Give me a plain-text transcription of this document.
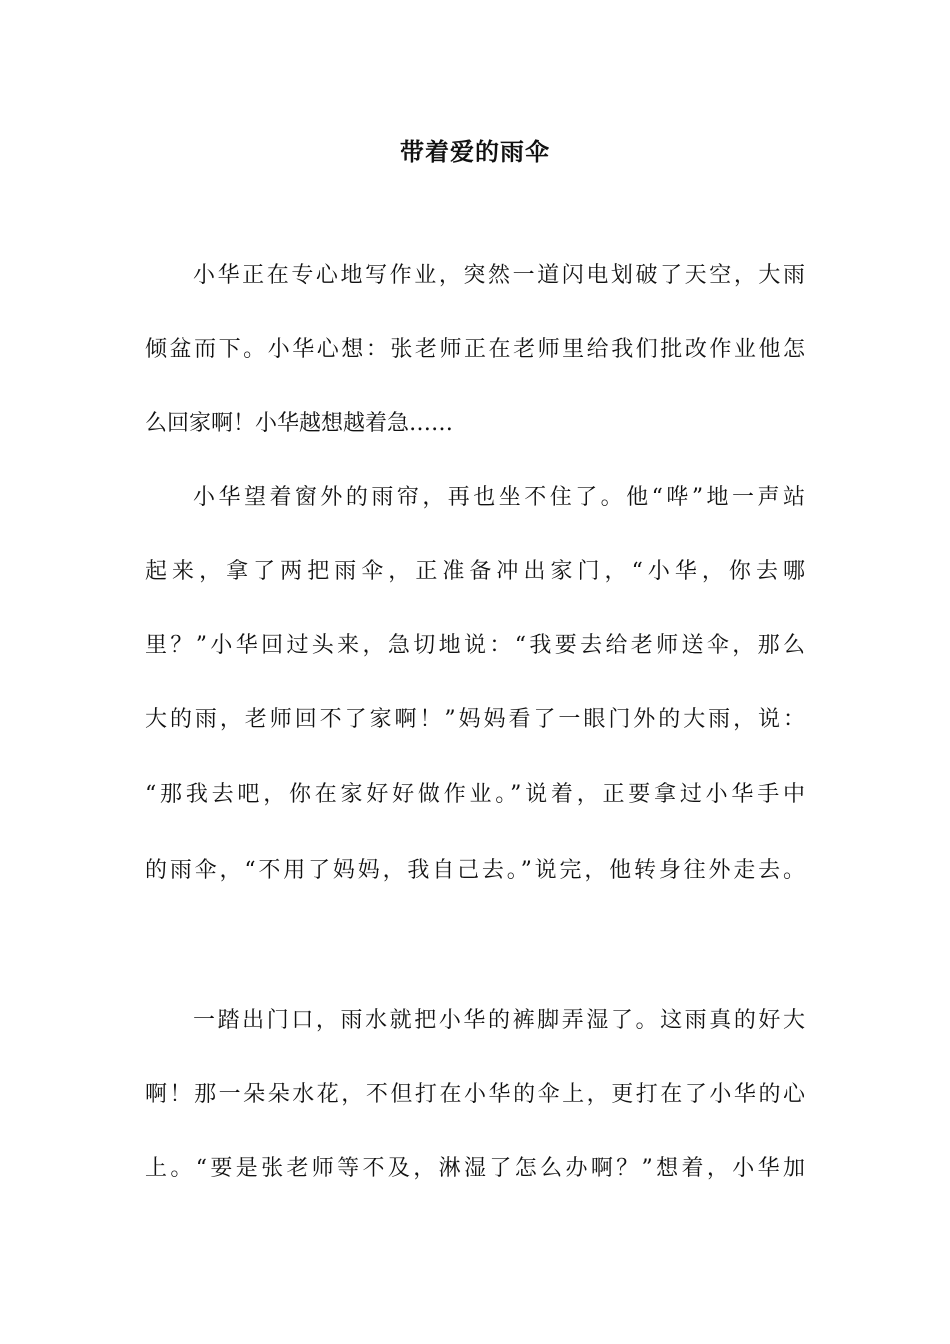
带着爱的雨伞

小华正在专心地写作业，突然一道闪电划破了天空，大雨

倾盆而下。小华心想：张老师正在老师里给我们批改作业他怎

么回家啊！小华越想越着急……

小华望着窗外的雨帘，再也坐不住了。他“哗”地一声站

起来，拿了两把雨伞，正准备冲出家门，“小华，你去哪

里？”小华回过头来，急切地说：“我要去给老师送伞，那么

大的雨，老师回不了家啊！”妈妈看了一眼门外的大雨，说：

“那我去吧，你在家好好做作业。”说着，正要拿过小华手中

的雨伞，“不用了妈妈，我自己去。”说完，他转身往外走去。

一踏出门口，雨水就把小华的裤脚弄湿了。这雨真的好大

啊！那一朵朵水花，不但打在小华的伞上，更打在了小华的心

上。“要是张老师等不及，淋湿了怎么办啊？”想着，小华加
